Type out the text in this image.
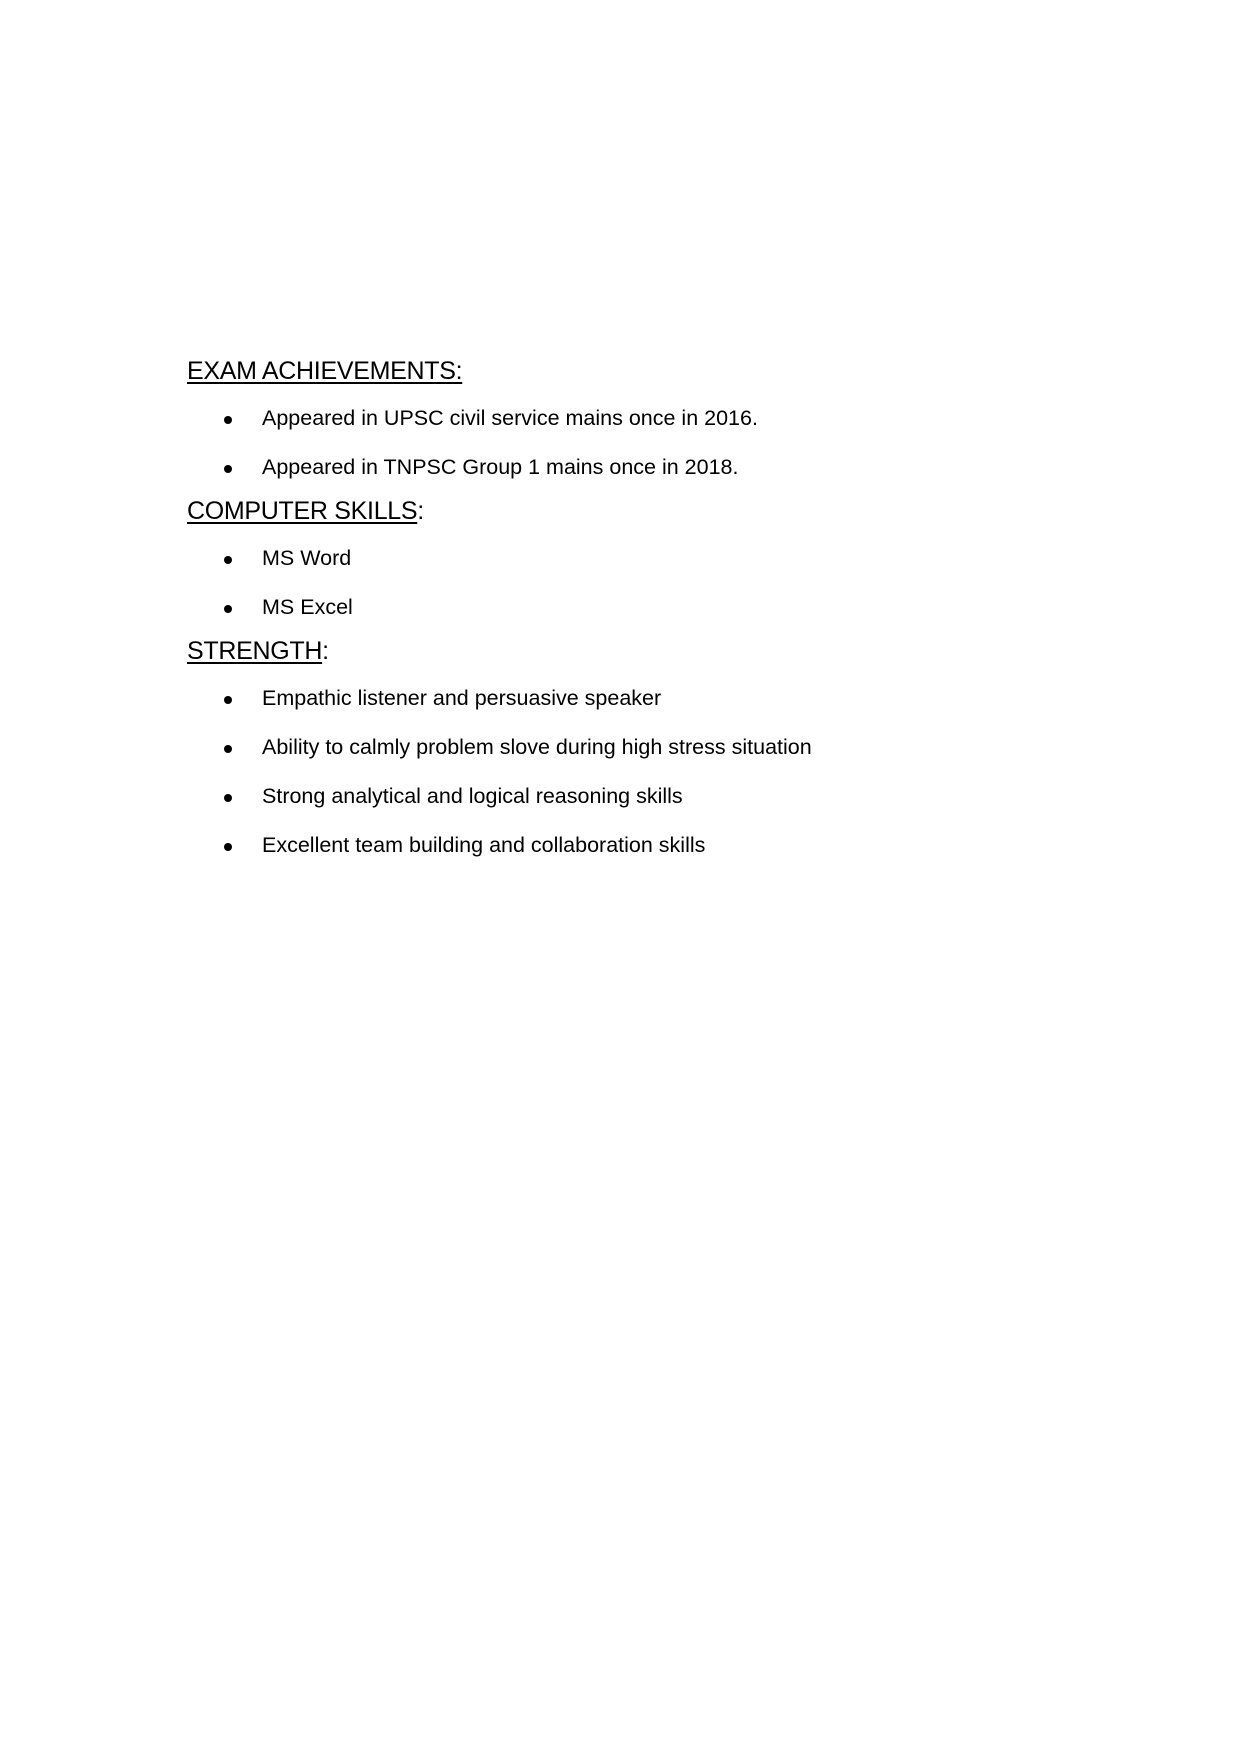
EXAM ACHIEVEMENTS:
Appeared in UPSC civil service mains once in 2016.
Appeared in TNPSC Group 1 mains once in 2018.
COMPUTER SKILLS:
MS Word
MS Excel
STRENGTH:
Empathic listener and persuasive speaker
Ability to calmly problem slove during high stress situation
Strong analytical and logical reasoning skills
Excellent team building and collaboration skills
